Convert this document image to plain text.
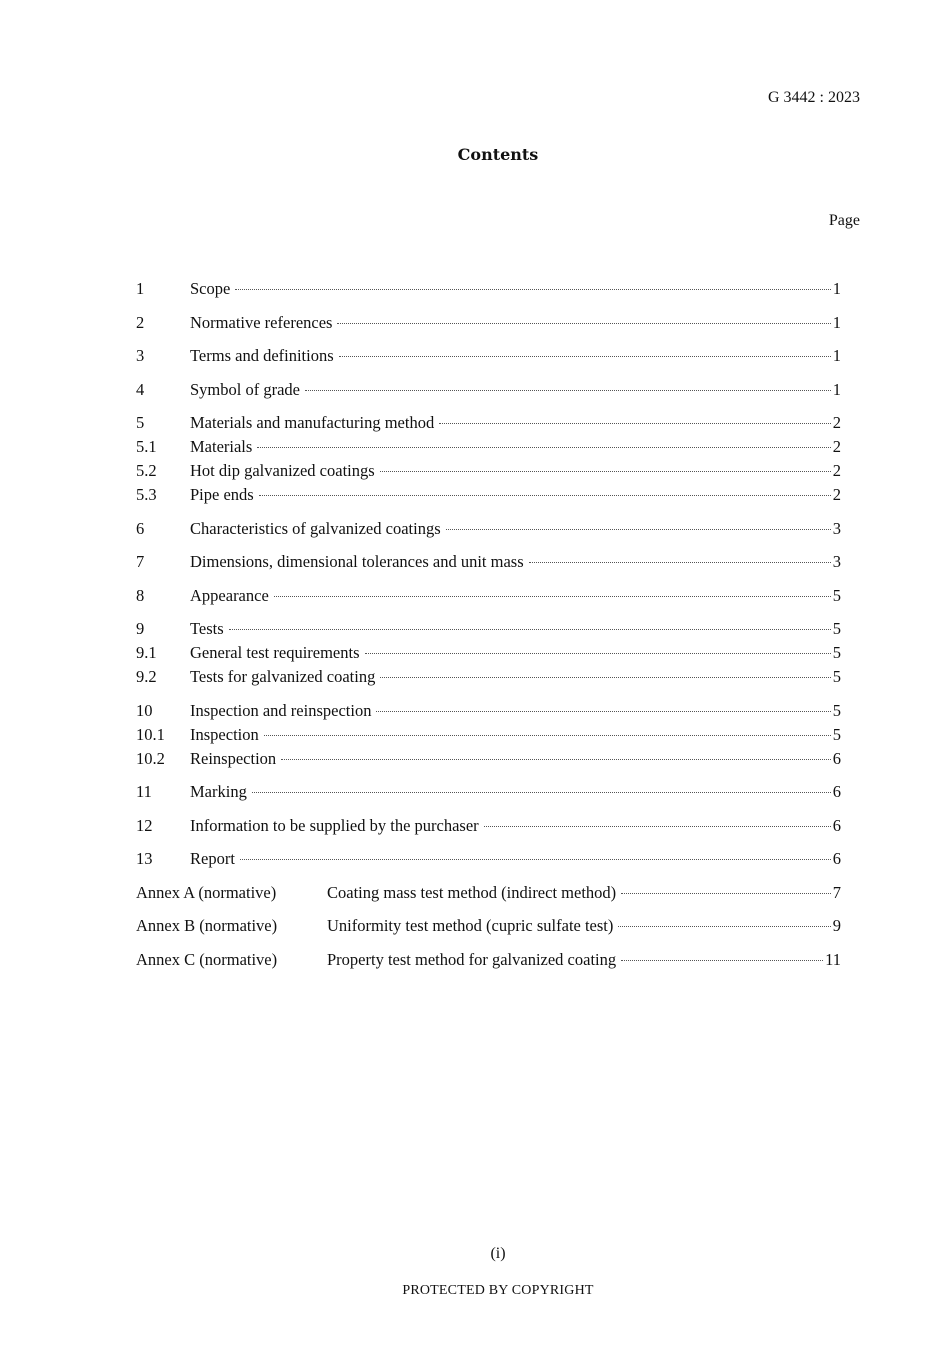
G 3442 : 2023
Contents
Page
1	Scope	1
2	Normative references	1
3	Terms and definitions	1
4	Symbol of grade	1
5	Materials and manufacturing method	2
5.1	Materials	2
5.2	Hot dip galvanized coatings	2
5.3	Pipe ends	2
6	Characteristics of galvanized coatings	3
7	Dimensions, dimensional tolerances and unit mass	3
8	Appearance	5
9	Tests	5
9.1	General test requirements	5
9.2	Tests for galvanized coating	5
10	Inspection and reinspection	5
10.1	Inspection	5
10.2	Reinspection	6
11	Marking	6
12	Information to be supplied by the purchaser	6
13	Report	6
Annex A (normative)	Coating mass test method (indirect method)	7
Annex B (normative)	Uniformity test method (cupric sulfate test)	9
Annex C (normative)	Property test method for galvanized coating	11
(i)
PROTECTED BY COPYRIGHT
